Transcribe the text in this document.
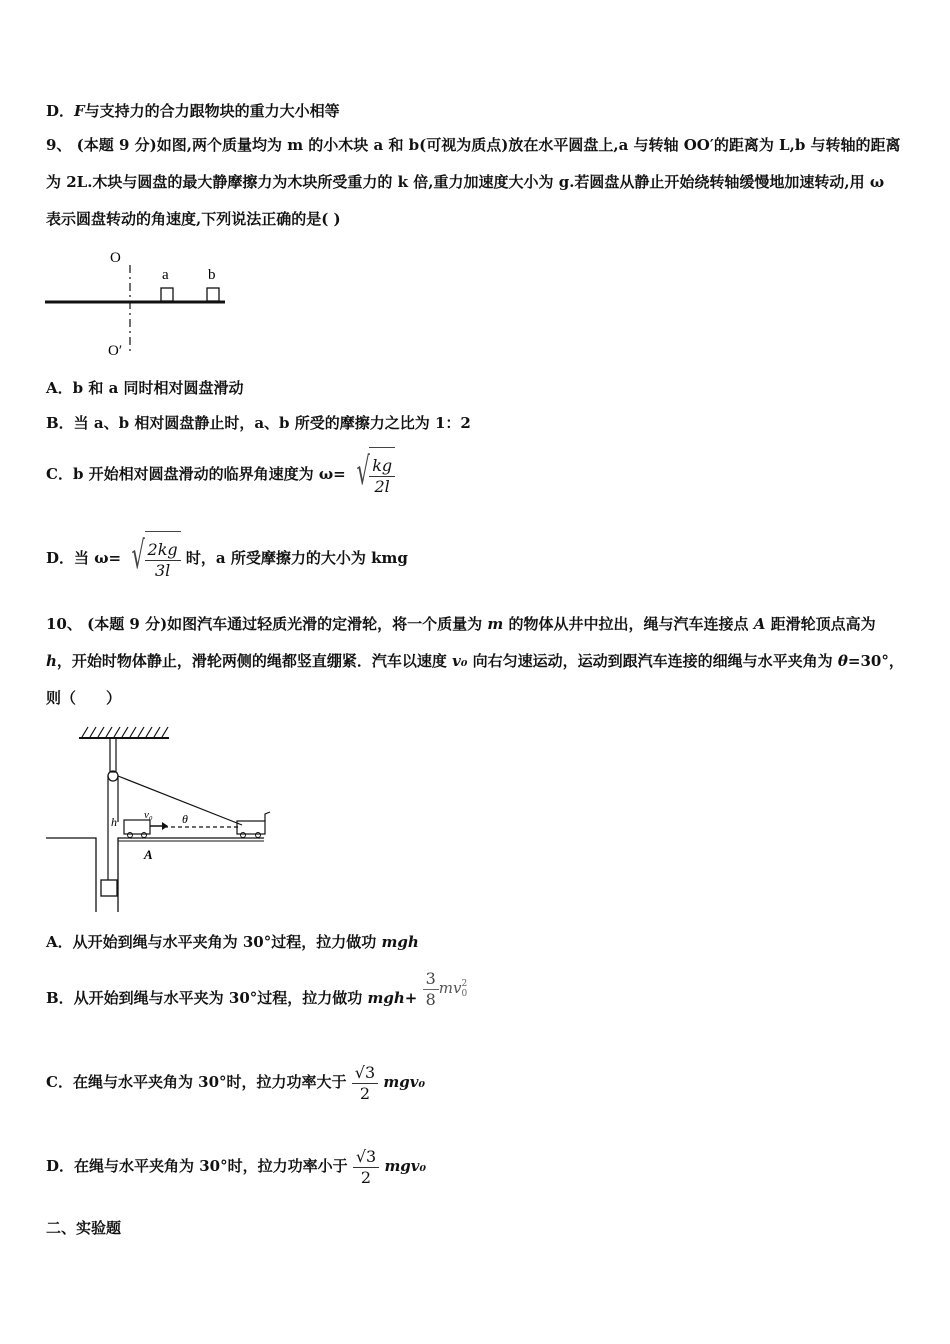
D．F与支持力的合力跟物块的重力大小相等
9、 (本题 9 分)如图,两个质量均为 m 的小木块 a 和 b(可视为质点)放在水平圆盘上,a 与转轴 OO′的距离为 L,b 与转轴的距离为 2L.木块与圆盘的最大静摩擦力为木块所受重力的 k 倍,重力加速度大小为 g.若圆盘从静止开始绕转轴缓慢地加速转动,用 ω 表示圆盘转动的角速度,下列说法正确的是( )
O
O′
a	b
A．b 和 a 同时相对圆盘滑动
B．当 a、b 相对圆盘静止时，a、b 所受的摩擦力之比为 1：2
C．b 开始相对圆盘滑动的临界角速度为 ω= √ $\frac{kg}{2l}$
D．当 ω= √ $\frac{2kg}{3l}$ 时，a 所受摩擦力的大小为 kmg
10、 (本题 9 分)如图汽车通过轻质光滑的定滑轮，将一个质量为 m 的物体从井中拉出，绳与汽车连接点 A 距滑轮顶点高为 h，开始时物体静止，滑轮两侧的绳都竖直绷紧．汽车以速度 v₀ 向右匀速运动，运动到跟汽车连接的细绳与水平夹角为 θ=30°，则（　　）
h v₀ θ
A
A．从开始到绳与水平夹角为 30°过程，拉力做功 mgh
B．从开始到绳与水平夹为 30°过程，拉力做功 $mgh+ \frac{3}{8}$ mv 2
0
C．在绳与水平夹角为 30°时，拉力功率大于 $\frac{√3}{2} mgv_0$
D．在绳与水平夹角为 30°时，拉力功率小于 $\frac{√3}{2} mgv_0$
二、实验题
